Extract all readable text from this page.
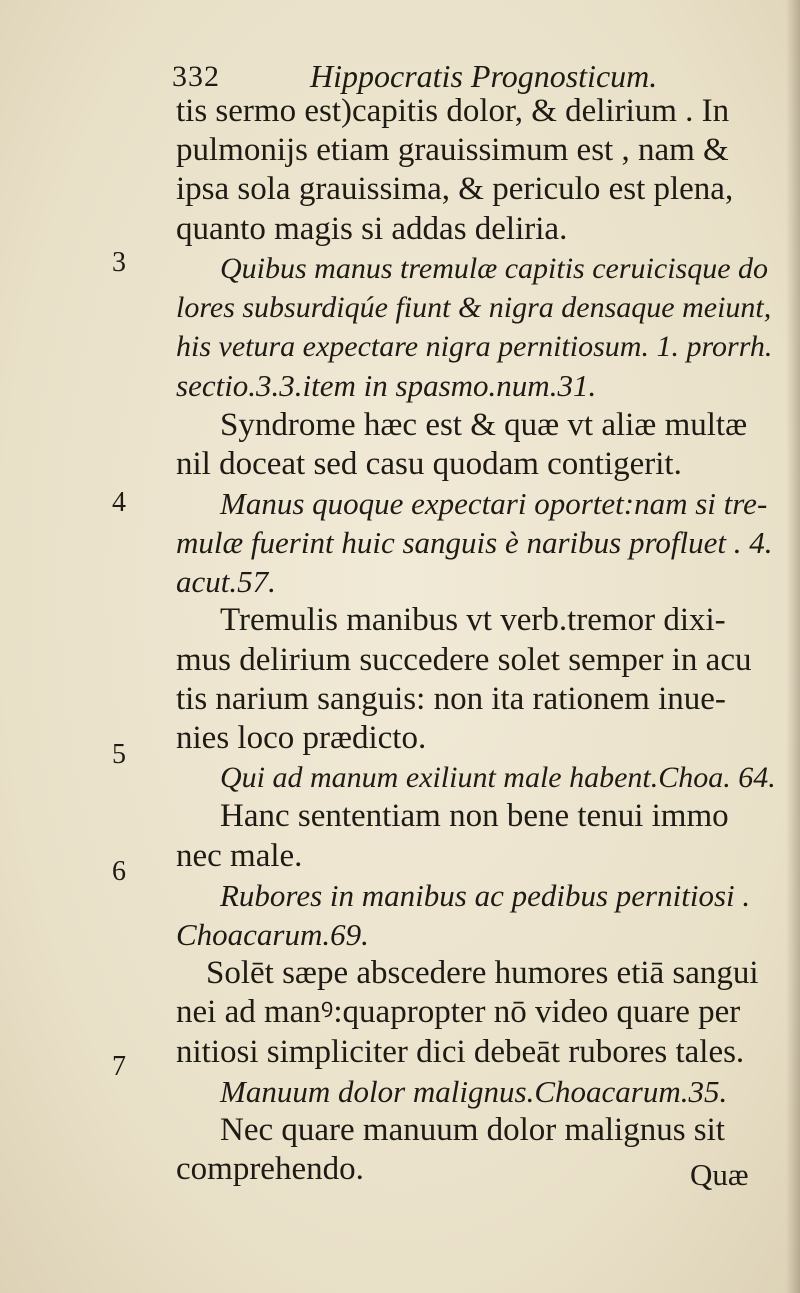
332	Hippocratis Prognosticum.
3
4
5
6
7
tis sermo est)capitis dolor, & delirium . In
pulmonijs etiam grauissimum est , nam &
ipsa sola grauissima, & periculo est plena,
quanto magis si addas deliria.
Quibus manus tremulæ capitis ceruicisque do
lores subsurdiqúe fiunt & nigra densaque meiunt,
his vetura expectare nigra pernitiosum. 1. prorrh.
sectio.3.3.item in spasmo.num.31.
Syndrome hæc est & quæ vt aliæ multæ
nil doceat sed casu quodam contigerit.
Manus quoque expectari oportet:nam si tre-
mulæ fuerint huic sanguis è naribus profluet . 4.
acut.57.
Tremulis manibus vt verb.tremor dixi-
mus delirium succedere solet semper in acu
tis narium sanguis: non ita rationem inue-
nies loco prædicto.
Qui ad manum exiliunt male habent.Choa. 64.
Hanc sententiam non bene tenui immo
nec male.
Rubores in manibus ac pedibus pernitiosi .
Choacarum.69.
Solēt sæpe abscedere humores etiā sangui
nei ad manꝰ:quapropter nō video quare per
nitiosi simpliciter dici debeāt rubores tales.
Manuum dolor malignus.Choacarum.35.
Nec quare manuum dolor malignus sit
comprehendo.	Quæ
